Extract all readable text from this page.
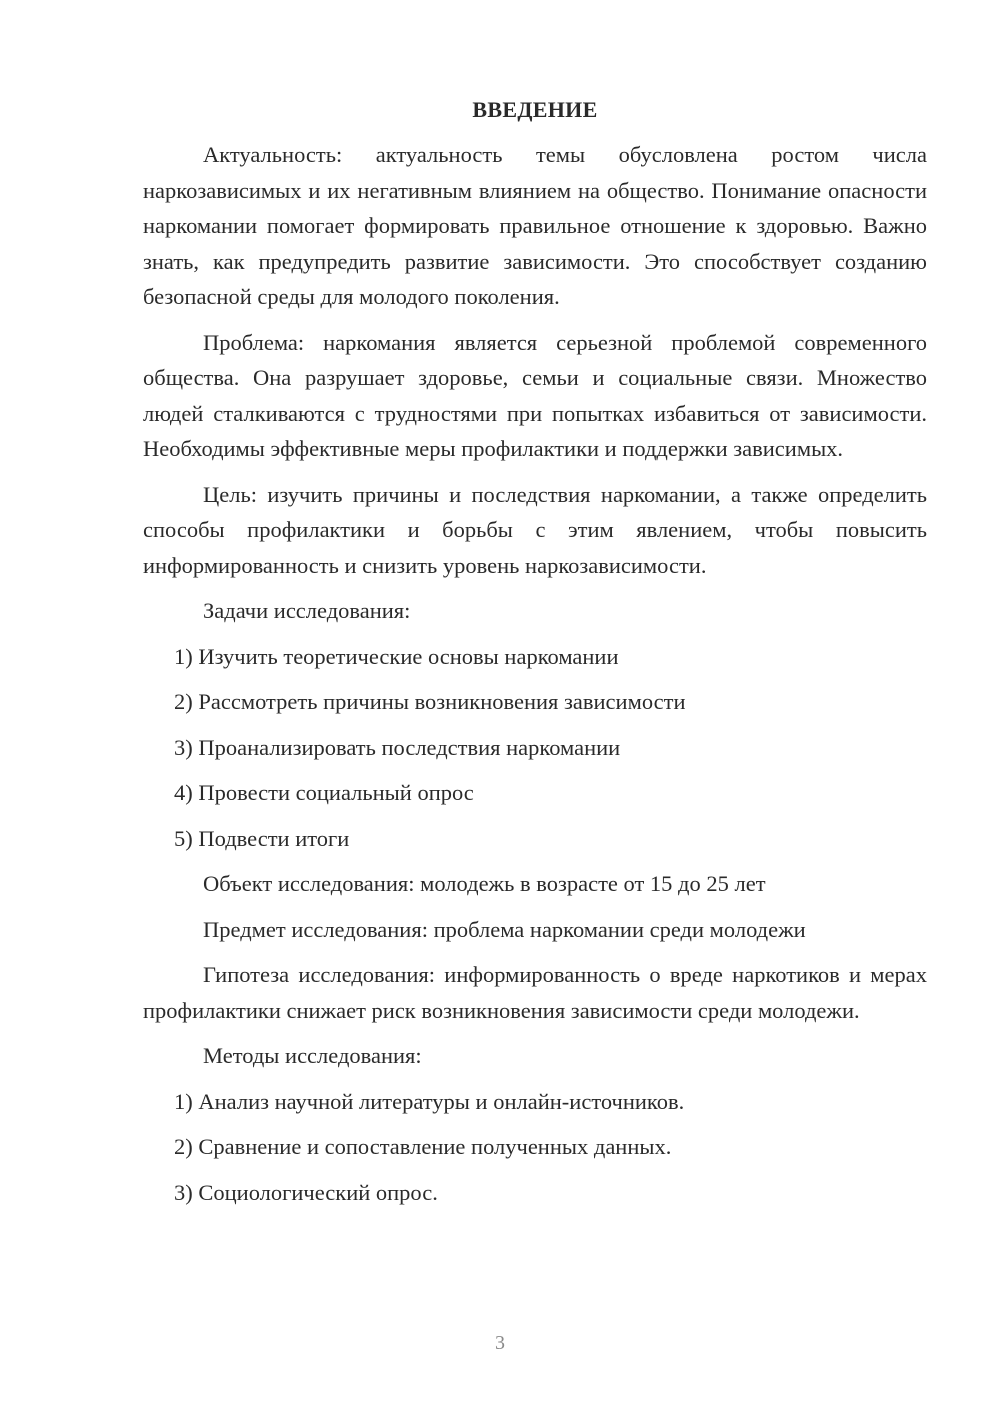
ВВЕДЕНИЕ

Актуальность: актуальность темы обусловлена ростом числа наркозависимых и их негативным влиянием на общество. Понимание опасности наркомании помогает формировать правильное отношение к здоровью. Важно знать, как предупредить развитие зависимости. Это способствует созданию безопасной среды для молодого поколения.

Проблема: наркомания является серьезной проблемой современного общества. Она разрушает здоровье, семьи и социальные связи. Множество людей сталкиваются с трудностями при попытках избавиться от зависимости. Необходимы эффективные меры профилактики и поддержки зависимых.

Цель: изучить причины и последствия наркомании, а также определить способы профилактики и борьбы с этим явлением, чтобы повысить информированность и снизить уровень наркозависимости.

Задачи исследования:
1) Изучить теоретические основы наркомании
2) Рассмотреть причины возникновения зависимости
3) Проанализировать последствия наркомании
4) Провести социальный опрос
5) Подвести итоги
Объект исследования: молодежь в возрасте от 15 до 25 лет
Предмет исследования: проблема наркомании среди молодежи

Гипотеза исследования: информированность о вреде наркотиков и мерах профилактики снижает риск возникновения зависимости среди молодежи.

Методы исследования:
1) Анализ научной литературы и онлайн-источников.
2) Сравнение и сопоставление полученных данных.
3) Социологический опрос.
3
